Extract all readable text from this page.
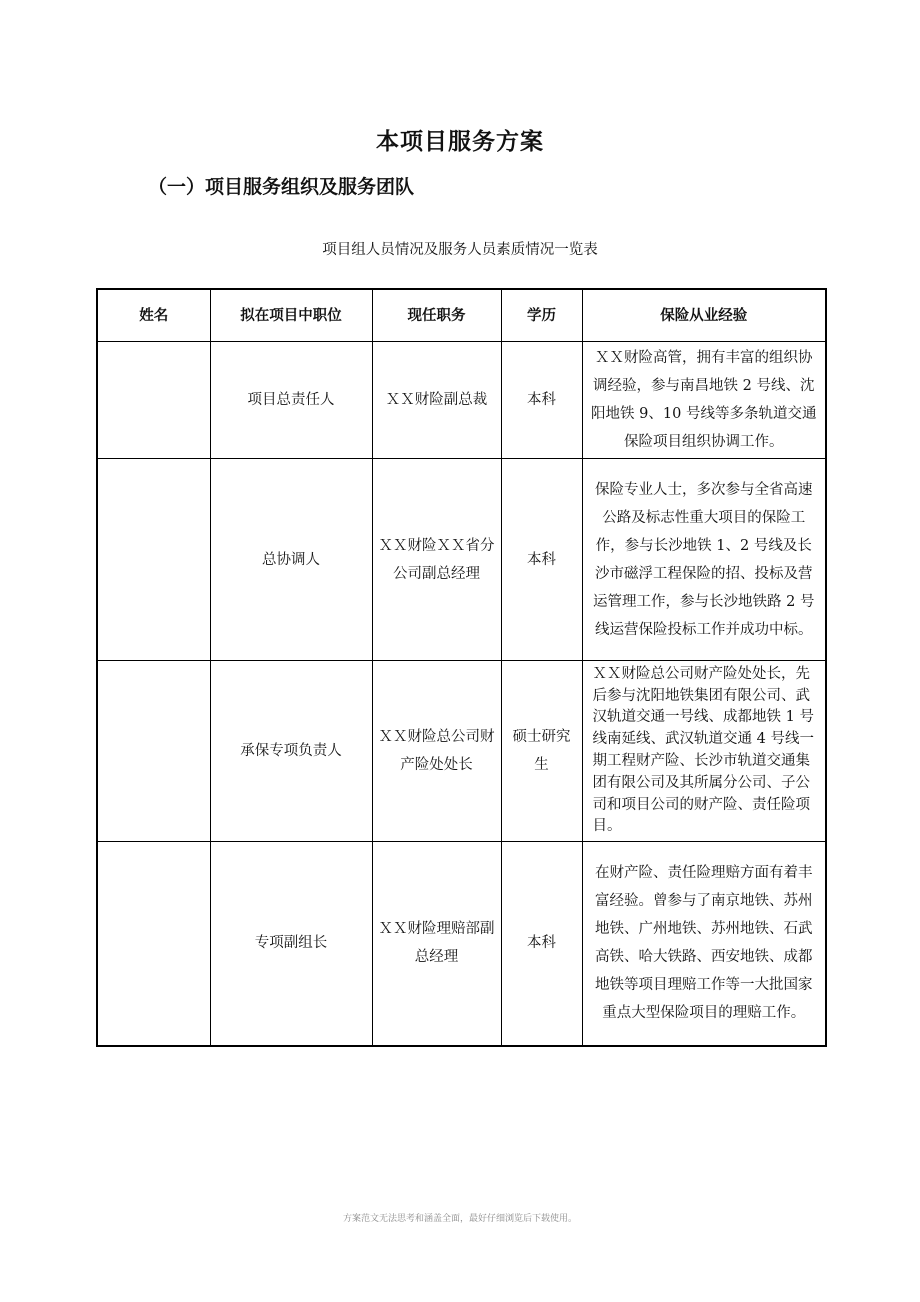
本项目服务方案
（一）项目服务组织及服务团队
项目组人员情况及服务人员素质情况一览表
姓名	拟在项目中职位	现任职务	学历	保险从业经验
	项目总责任人	ＸＸ财险副总裁	本科	ＸＸ财险高管，拥有丰富的组织协调经验，参与南昌地铁 2 号线、沈阳地铁 9、10 号线等多条轨道交通保险项目组织协调工作。

	总协调人	ＸＸ财险ＸＸ省分公司副总经理	本科	保险专业人士，多次参与全省高速公路及标志性重大项目的保险工作，参与长沙地铁 1、2 号线及长沙市磁浮工程保险的招、投标及营运管理工作，参与长沙地铁路 2 号线运营保险投标工作并成功中标。

	承保专项负责人	ＸＸ财险总公司财产险处处长	硕士研究生	ＸＸ财险总公司财产险处处长，先后参与沈阳地铁集团有限公司、武汉轨道交通一号线、成都地铁 1 号线南延线、武汉轨道交通 4 号线一期工程财产险、长沙市轨道交通集团有限公司及其所属分公司、子公司和项目公司的财产险、责任险项目。

	专项副组长	ＸＸ财险理赔部副总经理	本科	在财产险、责任险理赔方面有着丰富经验。曾参与了南京地铁、苏州地铁、广州地铁、苏州地铁、石武高铁、哈大铁路、西安地铁、成都地铁等项目理赔工作等一大批国家重点大型保险项目的理赔工作。
方案范文无法思考和涵盖全面，最好仔细浏览后下载使用。
